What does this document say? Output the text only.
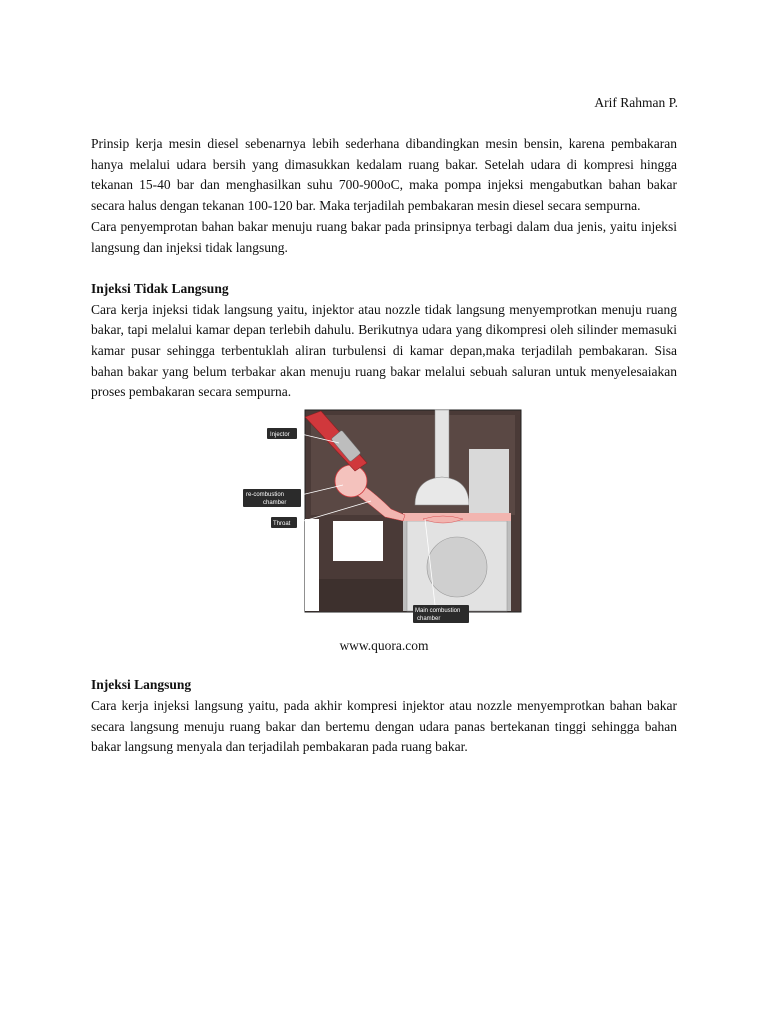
Arif Rahman P.

Prinsip kerja mesin diesel sebenarnya lebih sederhana dibandingkan mesin bensin, karena pembakaran hanya melalui udara bersih yang dimasukkan kedalam ruang bakar. Setelah udara di kompresi hingga tekanan 15-40 bar dan menghasilkan suhu 700-900oC, maka pompa injeksi mengabutkan bahan bakar secara halus dengan tekanan 100-120 bar. Maka terjadilah pembakaran mesin diesel secara sempurna.

Cara penyemprotan bahan bakar menuju ruang bakar pada prinsipnya terbagi dalam dua jenis, yaitu injeksi langsung dan injeksi tidak langsung.

Injeksi Tidak Langsung

Cara kerja injeksi tidak langsung yaitu, injektor atau nozzle tidak langsung menyemprotkan menuju ruang bakar, tapi melalui kamar depan terlebih dahulu. Berikutnya udara yang dikompresi oleh silinder memasuki kamar pusar sehingga terbentuklah aliran turbulensi di kamar depan,maka terjadilah pembakaran. Sisa bahan bakar yang belum terbakar akan menuju ruang bakar melalui sebuah saluran untuk menyelesaiakan proses pembakaran secara sempurna.

Injector
re-combustion
chamber
Throat
Main combustion
chamber
www.quora.com

Injeksi Langsung

Cara kerja injeksi langsung yaitu, pada akhir kompresi injektor atau nozzle menyemprotkan bahan bakar secara langsung menuju ruang bakar dan bertemu dengan udara panas bertekanan tinggi sehingga bahan bakar langsung menyala dan terjadilah pembakaran pada ruang bakar.
